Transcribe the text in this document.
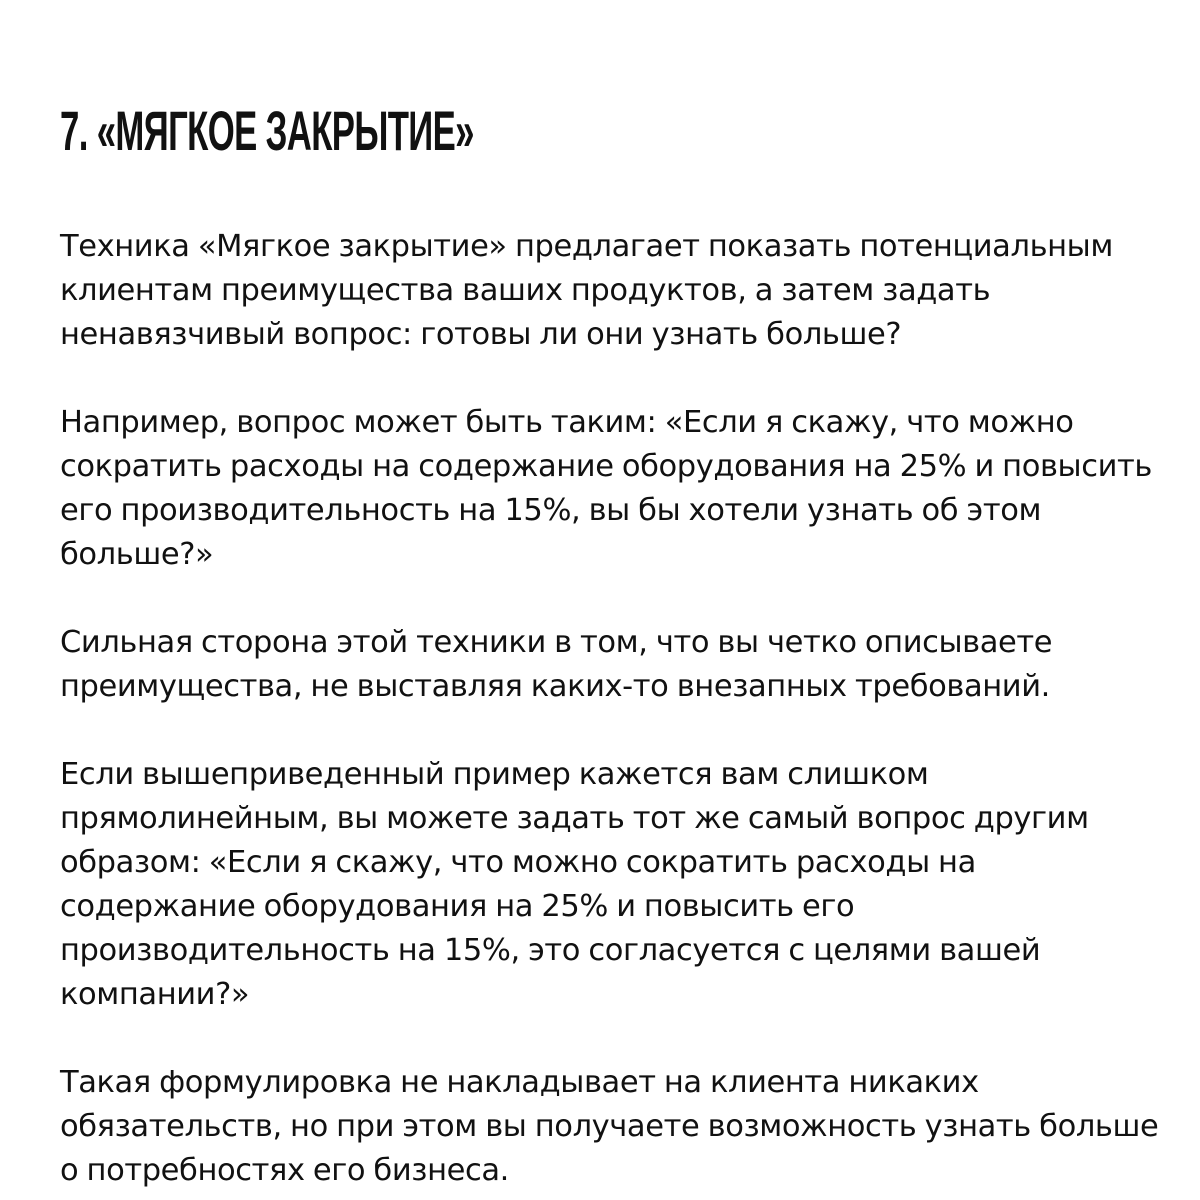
7. «МЯГКОЕ ЗАКРЫТИЕ»

Техника «Мягкое закрытие» предлагает показать потенциальным клиентам преимущества ваших продуктов, а затем задать ненавязчивый вопрос: готовы ли они узнать больше?

Например, вопрос может быть таким: «Если я скажу, что можно сократить расходы на содержание оборудования на 25% и повысить его производительность на 15%, вы бы хотели узнать об этом больше?»

Сильная сторона этой техники в том, что вы четко описываете преимущества, не выставляя каких-то внезапных требований.

Если вышеприведенный пример кажется вам слишком прямолинейным, вы можете задать тот же самый вопрос другим образом: «Если я скажу, что можно сократить расходы на содержание оборудования на 25% и повысить его производительность на 15%, это согласуется с целями вашей компании?»

Такая формулировка не накладывает на клиента никаких обязательств, но при этом вы получаете возможность узнать больше о потребностях его бизнеса.
